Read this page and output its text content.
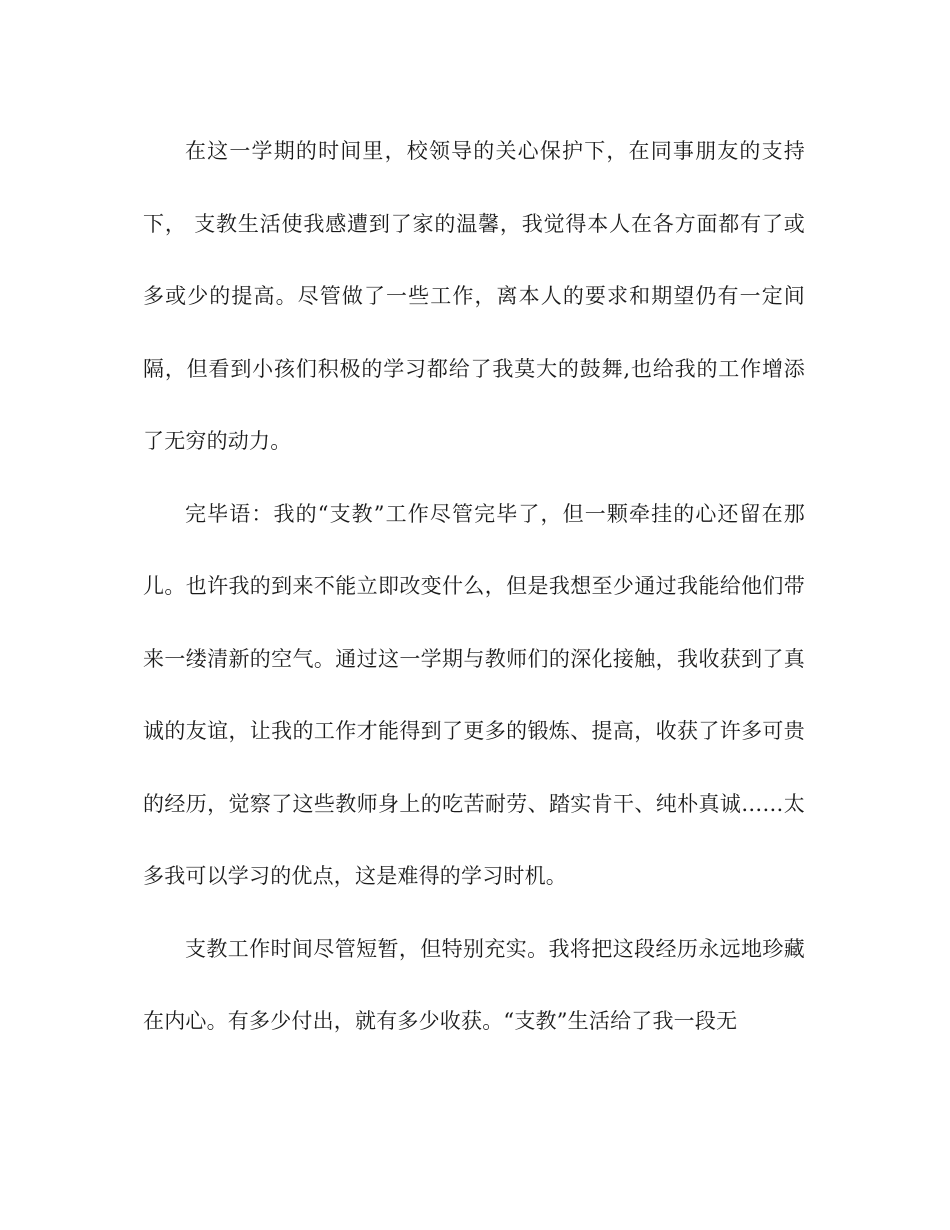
在这一学期的时间里，校领导的关心保护下，在同事朋友的支持下， 支教生活使我感遭到了家的温馨，我觉得本人在各方面都有了或多或少的提高。尽管做了一些工作，离本人的要求和期望仍有一定间隔，但看到小孩们积极的学习都给了我莫大的鼓舞,也给我的工作增添了无穷的动力。

完毕语：我的“支教”工作尽管完毕了，但一颗牵挂的心还留在那儿。也许我的到来不能立即改变什么，但是我想至少通过我能给他们带来一缕清新的空气。通过这一学期与教师们的深化接触，我收获到了真诚的友谊，让我的工作才能得到了更多的锻炼、提高，收获了许多可贵的经历，觉察了这些教师身上的吃苦耐劳、踏实肯干、纯朴真诚……太多我可以学习的优点，这是难得的学习时机。

支教工作时间尽管短暂，但特别充实。我将把这段经历永远地珍藏在内心。有多少付出，就有多少收获。“支教”生活给了我一段无
